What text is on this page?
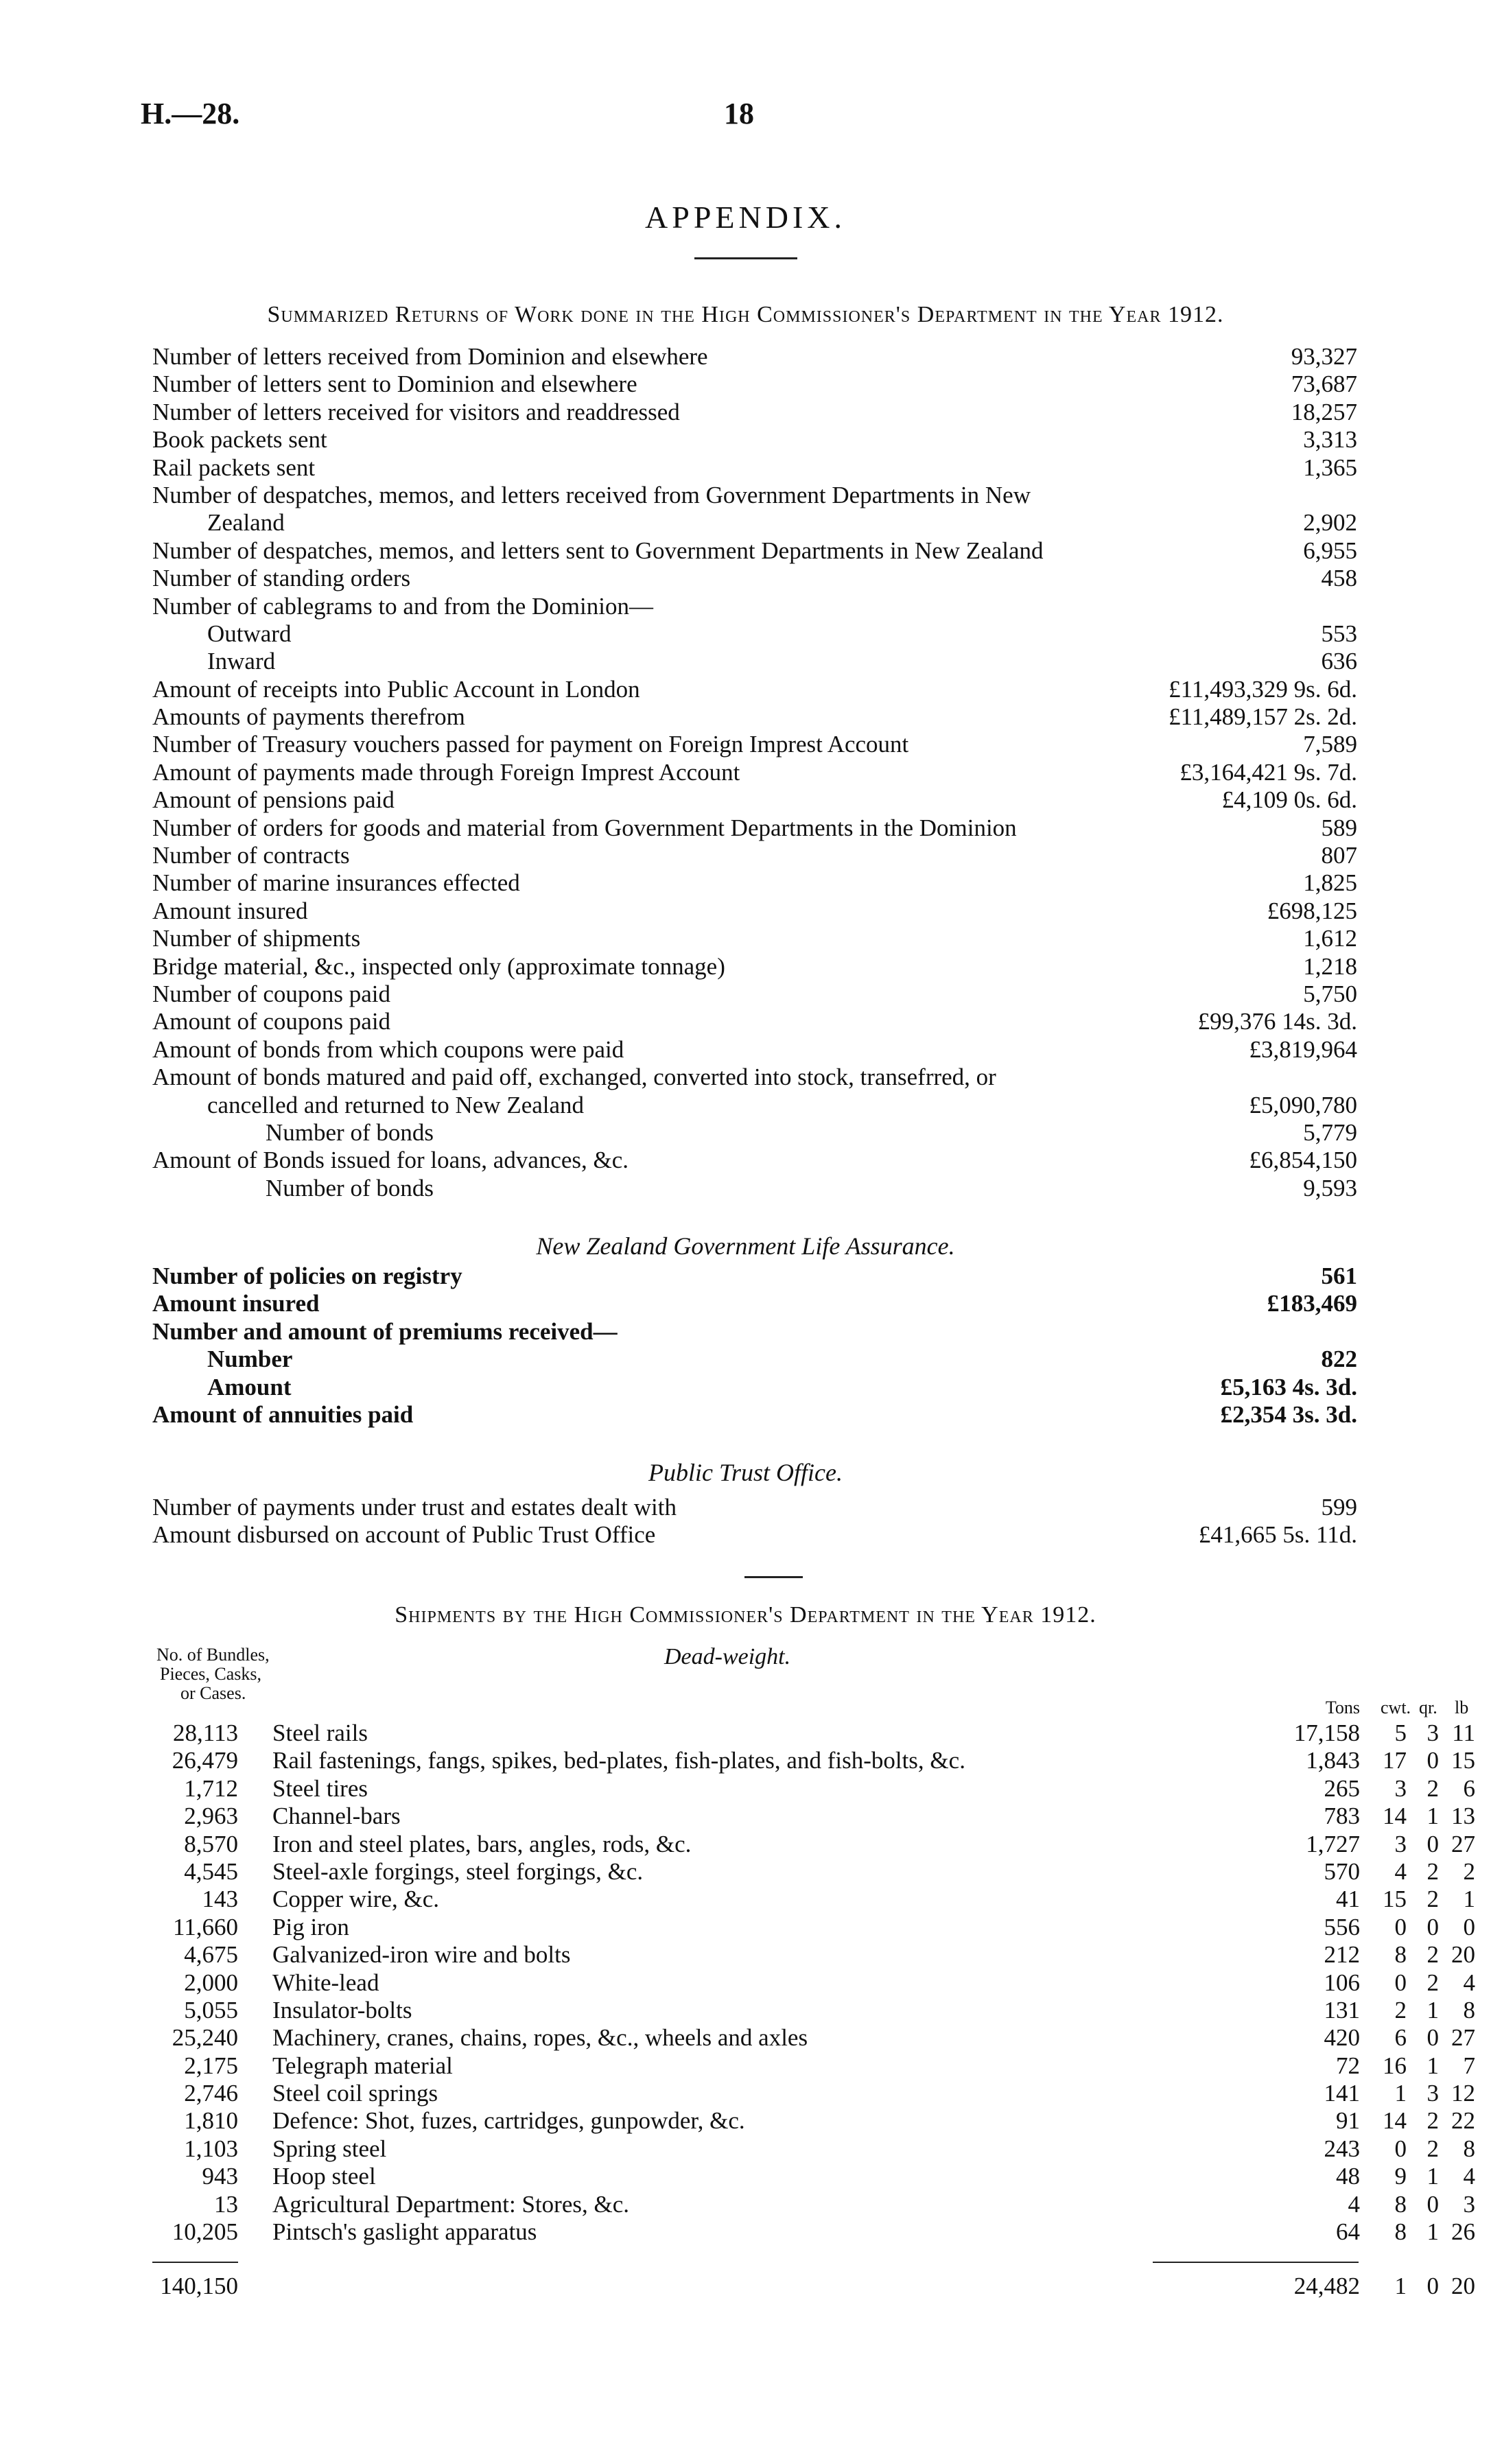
H.—28.	18
APPENDIX.
Summarized Returns of Work done in the High Commissioner's Department in the Year 1912.
Number of letters received from Dominion and elsewhere	93,327
Number of letters sent to Dominion and elsewhere	73,687
Number of letters received for visitors and readdressed	18,257
Book packets sent	3,313
Rail packets sent	1,365
Number of despatches, memos, and letters received from Government Departments in New
Zealand	2,902
Number of despatches, memos, and letters sent to Government Departments in New Zealand	6,955
Number of standing orders	458
Number of cablegrams to and from the Dominion—
Outward	553
Inward	636
Amount of receipts into Public Account in London	£11,493,329 9s. 6d.
Amounts of payments therefrom	£11,489,157 2s. 2d.
Number of Treasury vouchers passed for payment on Foreign Imprest Account	7,589
Amount of payments made through Foreign Imprest Account	£3,164,421 9s. 7d.
Amount of pensions paid	£4,109 0s. 6d.
Number of orders for goods and material from Government Departments in the Dominion	589
Number of contracts	807
Number of marine insurances effected	1,825
Amount insured	£698,125
Number of shipments	1,612
Bridge material, &c., inspected only (approximate tonnage)	1,218
Number of coupons paid	5,750
Amount of coupons paid	£99,376 14s. 3d.
Amount of bonds from which coupons were paid	£3,819,964
Amount of bonds matured and paid off, exchanged, converted into stock, transefrred, or
cancelled and returned to New Zealand	£5,090,780
Number of bonds	5,779
Amount of Bonds issued for loans, advances, &c.	£6,854,150
Number of bonds	9,593
New Zealand Government Life Assurance.
Number of policies on registry	561
Amount insured	£183,469
Number and amount of premiums received—
Number	822
Amount	£5,163 4s. 3d.
Amount of annuities paid	£2,354 3s. 3d.
Public Trust Office.
Number of payments under trust and estates dealt with	599
Amount disbursed on account of Public Trust Office	£41,665 5s. 11d.
Shipments by the High Commissioner's Department in the Year 1912.
No. of Bundles,
Pieces, Casks,
or Cases.
Dead-weight.
Tons cwt. qr. lb
28,113 Steel rails	17,158	5 3 11
26,479 Rail fastenings, fangs, spikes, bed-plates, fish-plates, and fish-bolts, &c.	1,843 17 0 15
1,712 Steel tires	265	3 2	6
2,963 Channel-bars	783 14 1 13
8,570 Iron and steel plates, bars, angles, rods, &c.	1,727	3 0 27
4,545 Steel-axle forgings, steel forgings, &c.	570	4 2	2
143 Copper wire, &c.	41 15 2	1
11,660 Pig iron	556	0 0	0
4,675 Galvanized-iron wire and bolts	212	8 2 20
2,000 White-lead	106	0 2	4
5,055 Insulator-bolts	131	2 1	8
25,240 Machinery, cranes, chains, ropes, &c., wheels and axles	420	6 0 27
2,175 Telegraph material	72 16 1	7
2,746 Steel coil springs	141	1 3 12
1,810 Defence: Shot, fuzes, cartridges, gunpowder, &c.	91 14 2 22
1,103 Spring steel	243	0 2	8
943 Hoop steel	48	9 1	4
13 Agricultural Department: Stores, &c.	4	8 0	3
10,205 Pintsch's gaslight apparatus	64	8 1 26
140,150	24,482	1 0 20
